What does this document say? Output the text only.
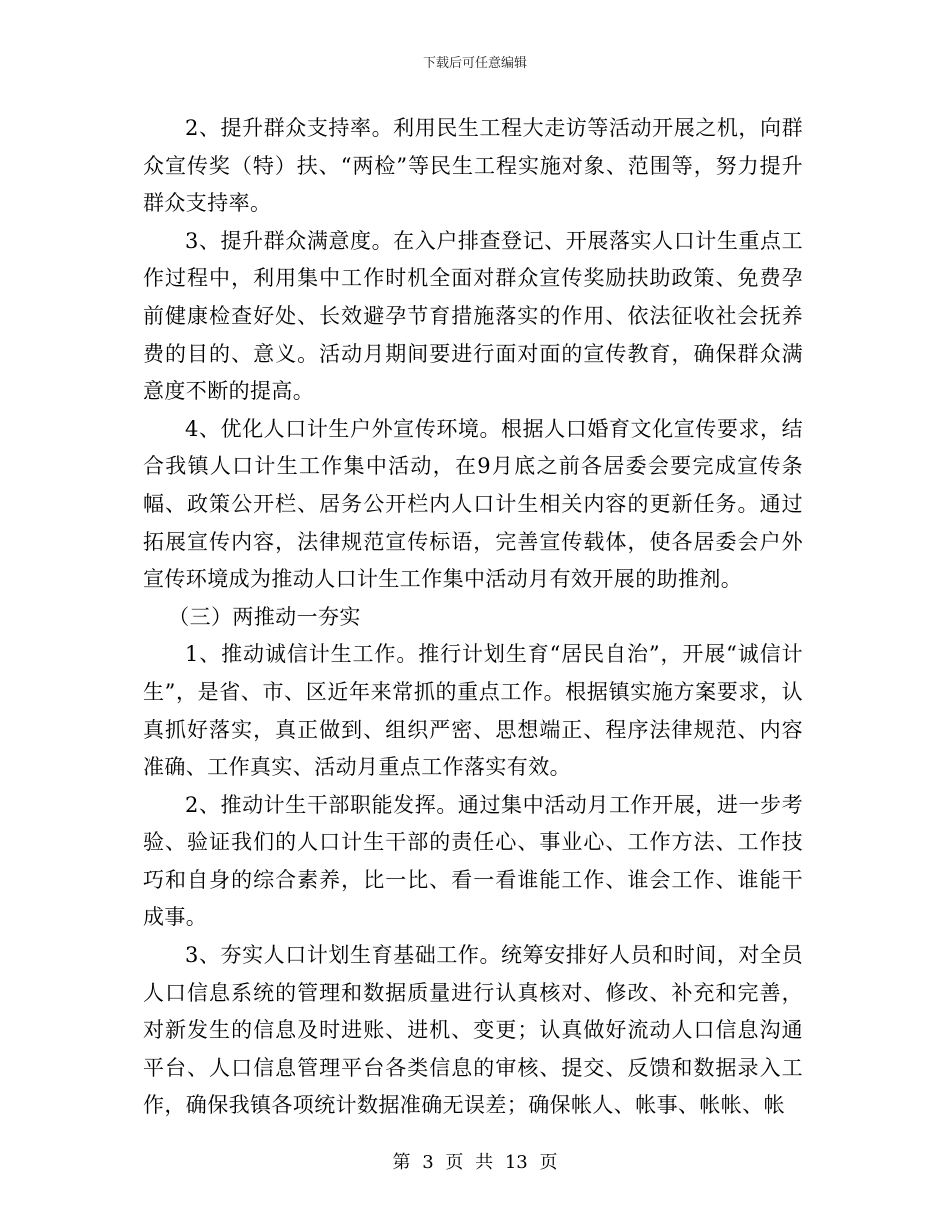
下载后可任意编辑

2、提升群众支持率。利用民生工程大走访等活动开展之机，向群众宣传奖（特）扶、“两检”等民生工程实施对象、范围等，努力提升群众支持率。

3、提升群众满意度。在入户排查登记、开展落实人口计生重点工作过程中，利用集中工作时机全面对群众宣传奖励扶助政策、免费孕前健康检查好处、长效避孕节育措施落实的作用、依法征收社会抚养费的目的、意义。活动月期间要进行面对面的宣传教育，确保群众满意度不断的提高。

4、优化人口计生户外宣传环境。根据人口婚育文化宣传要求，结合我镇人口计生工作集中活动，在9月底之前各居委会要完成宣传条幅、政策公开栏、居务公开栏内人口计生相关内容的更新任务。通过拓展宣传内容，法律规范宣传标语，完善宣传载体，使各居委会户外宣传环境成为推动人口计生工作集中活动月有效开展的助推剂。

（三）两推动一夯实

1、推动诚信计生工作。推行计划生育“居民自治”，开展“诚信计生”，是省、市、区近年来常抓的重点工作。根据镇实施方案要求，认真抓好落实，真正做到、组织严密、思想端正、程序法律规范、内容准确、工作真实、活动月重点工作落实有效。

2、推动计生干部职能发挥。通过集中活动月工作开展，进一步考验、验证我们的人口计生干部的责任心、事业心、工作方法、工作技巧和自身的综合素养，比一比、看一看谁能工作、谁会工作、谁能干成事。

3、夯实人口计划生育基础工作。统筹安排好人员和时间，对全员人口信息系统的管理和数据质量进行认真核对、修改、补充和完善，对新发生的信息及时进账、进机、变更；认真做好流动人口信息沟通平台、人口信息管理平台各类信息的审核、提交、反馈和数据录入工作，确保我镇各项统计数据准确无误差；确保帐人、帐事、帐帐、帐

第 3 页 共 13 页
